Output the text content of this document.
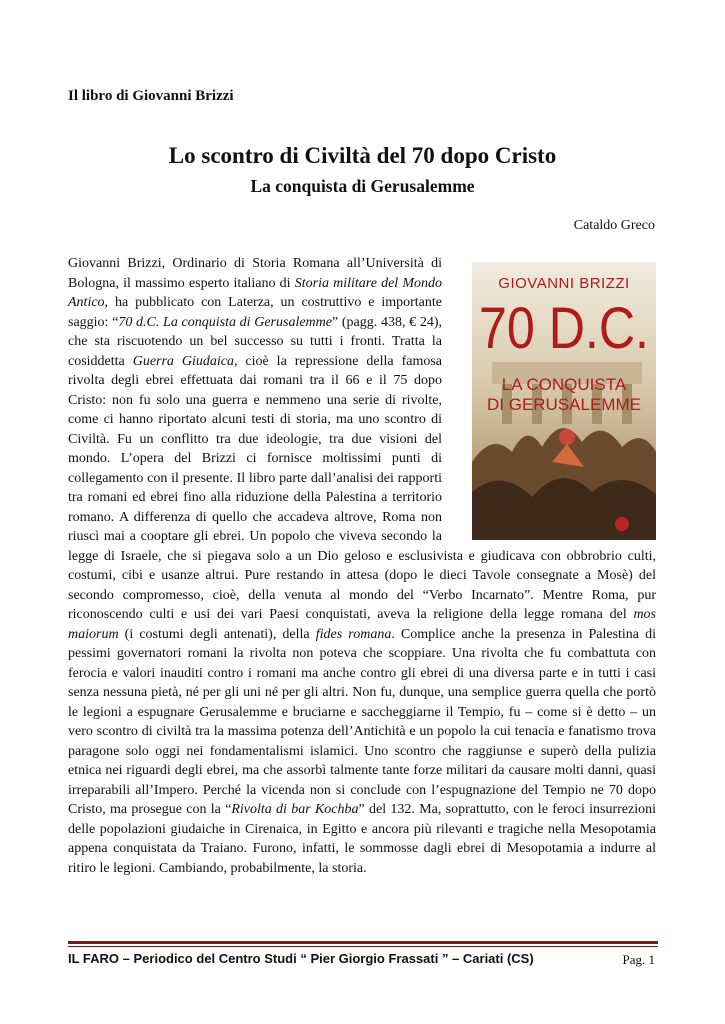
Il libro di Giovanni Brizzi
Lo scontro di Civiltà del 70 dopo Cristo
La conquista di Gerusalemme
Cataldo Greco
GIOVANNI BRIZZI
70 D.C.
LA CONQUISTA
DI GERUSALEMME
Giovanni Brizzi, Ordinario di Storia Romana all’Università di Bologna, il massimo esperto italiano di Storia militare del Mondo Antico, ha pubblicato con Laterza, un costruttivo e importante saggio: “70 d.C. La conquista di Gerusalemme” (pagg. 438, € 24), che sta riscuotendo un bel successo su tutti i fronti. Tratta la cosiddetta Guerra Giudaica, cioè la repressione della famosa rivolta degli ebrei effettuata dai romani tra il 66 e il 75 dopo Cristo: non fu solo una guerra e nemmeno una serie di rivolte, come ci hanno riportato alcuni testi di storia, ma uno scontro di Civiltà. Fu un conflitto tra due ideologie, tra due visioni del mondo. L’opera del Brizzi ci fornisce moltissimi punti di collegamento con il presente. Il libro parte dall’analisi dei rapporti tra romani ed ebrei fino alla riduzione della Palestina a territorio romano. A differenza di quello che accadeva altrove, Roma non riuscì mai a cooptare gli ebrei. Un popolo che viveva secondo la legge di Israele, che si piegava solo a un Dio geloso e esclusivista e giudicava con obbrobrio culti, costumi, cibi e usanze altrui. Pure restando in attesa (dopo le dieci Tavole consegnate a Mosè) del secondo compromesso, cioè, della venuta al mondo del “Verbo Incarnato”. Mentre Roma, pur riconoscendo culti e usi dei vari Paesi conquistati, aveva la religione della legge romana del mos maiorum (i costumi degli antenati), della fides romana. Complice anche la presenza in Palestina di pessimi governatori romani la rivolta non poteva che scoppiare. Una rivolta che fu combattuta con ferocia e valori inauditi contro i romani ma anche contro gli ebrei di una diversa parte e in tutti i casi senza nessuna pietà, né per gli uni né per gli altri. Non fu, dunque, una semplice guerra quella che portò le legioni a espugnare Gerusalemme e bruciarne e saccheggiarne il Tempio, fu – come si è detto – un vero scontro di civiltà tra la massima potenza dell’Antichità e un popolo la cui tenacia e fanatismo trova paragone solo oggi nei fondamentalismi islamici. Uno scontro che raggiunse e superò della pulizia etnica nei riguardi degli ebrei, ma che assorbì talmente tante forze militari da causare molti danni, quasi irreparabili all’Impero. Perché la vicenda non si conclude con l’espugnazione del Tempio ne 70 dopo Cristo, ma prosegue con la “Rivolta di bar Kochba” del 132. Ma, soprattutto, con le feroci insurrezioni delle popolazioni giudaiche in Cirenaica, in Egitto e ancora più rilevanti e tragiche nella Mesopotamia appena conquistata da Traiano. Furono, infatti, le sommosse dagli ebrei di Mesopotamia a indurre al ritiro le legioni. Cambiando, probabilmente, la storia.
IL FARO – Periodico del Centro Studi “ Pier Giorgio Frassati ” – Cariati (CS)	Pag. 1
